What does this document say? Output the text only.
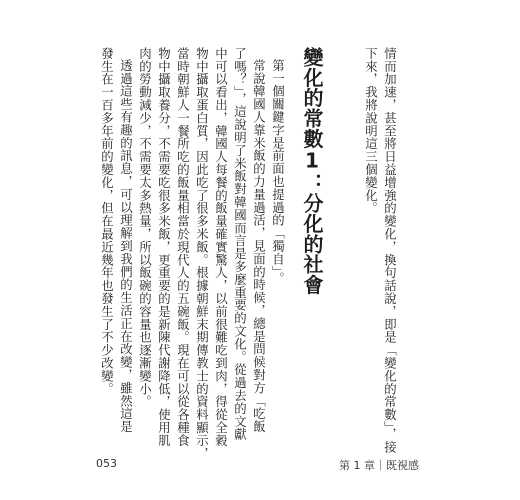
情而加速，甚至將日益增強的變化，換句話說，即是「變化的常數」，接
下來，我將說明這三個變化。
變化的常數1：分化的社會
第一個關鍵字是前面也提過的「獨自」。
常說韓國人靠米飯的力量過活，見面的時候，總是問候對方「吃飯
了嗎？」，這說明了米飯對韓國而言是多麼重要的文化。從過去的文獻
中可以看出，韓國人每餐的飯量確實驚人，以前很難吃到肉，得從全穀
物中攝取蛋白質，因此吃了很多米飯。根據朝鮮末期傳教士的資料顯示，
當時朝鮮人一餐所吃的飯量相當於現代人的五碗飯。現在可以從各種食
物中攝取養分，不需要吃很多米飯，更重要的是新陳代謝降低，使用肌
肉的勞動減少，不需要太多熱量，所以飯碗的容量也逐漸變小。
透過這些有趣的訊息，可以理解到我們的生活正在改變，雖然這是
發生在一百多年前的變化，但在最近幾年也發生了不少改變。
053	第 1 章｜既視感
